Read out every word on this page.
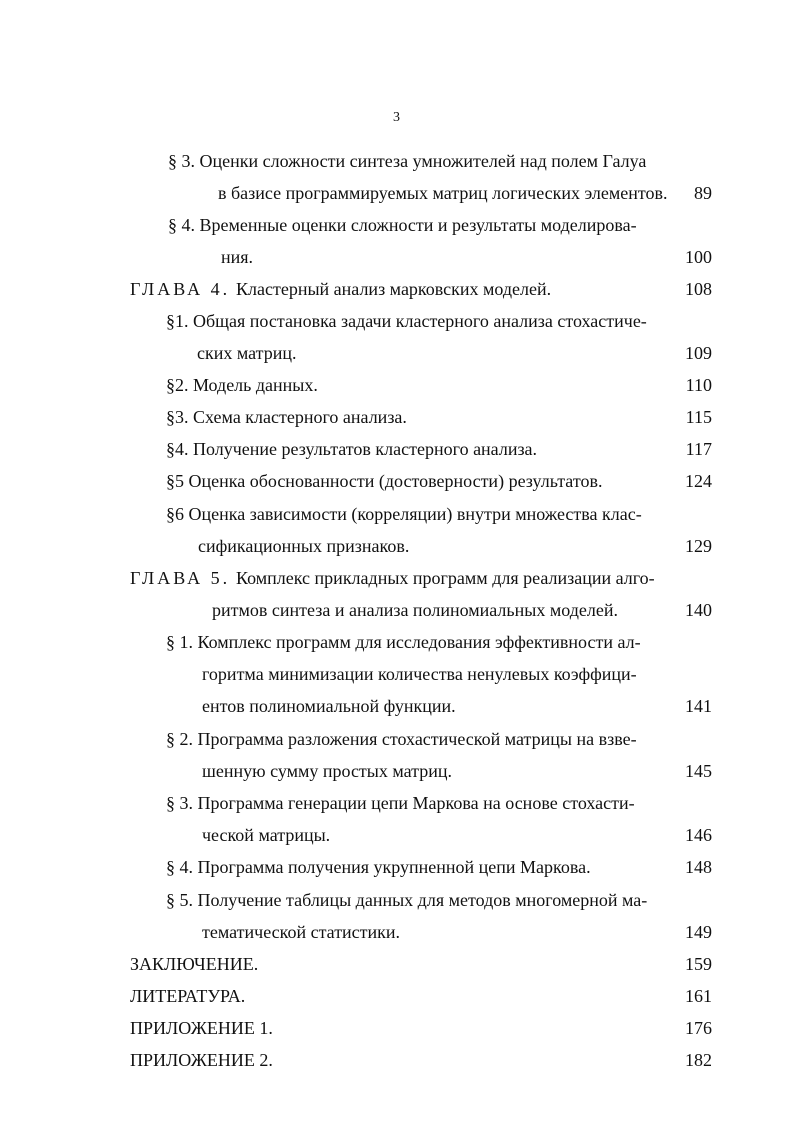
3
§ 3. Оценки сложности синтеза умножителей над полем Галуа
в базисе программируемых матриц логических элементов.	89
§ 4. Временные оценки сложности и результаты моделирова-
ния.	100
ГЛАВА 4. Кластерный анализ марковских моделей.	108
§1. Общая постановка задачи кластерного анализа стохастиче-
ских матриц.	109
§2. Модель данных.	110
§3. Схема кластерного анализа.	115
§4. Получение результатов кластерного анализа.	117
§5 Оценка обоснованности (достоверности) результатов.	124
§6 Оценка зависимости (корреляции) внутри множества клас-
сификационных признаков.	129
ГЛАВА 5. Комплекс прикладных программ для реализации алго-
ритмов синтеза и анализа полиномиальных моделей.	140
§ 1. Комплекс программ для исследования эффективности ал-
горитма минимизации количества ненулевых коэффици-
ентов полиномиальной функции.	141
§ 2. Программа разложения стохастической матрицы на взве-
шенную сумму простых матриц.	145
§ 3. Программа генерации цепи Маркова на основе стохасти-
ческой матрицы.	146
§ 4. Программа получения укрупненной цепи Маркова.	148
§ 5. Получение таблицы данных для методов многомерной ма-
тематической статистики.	149
ЗАКЛЮЧЕНИЕ.	159
ЛИТЕРАТУРА.	161
ПРИЛОЖЕНИЕ 1.	176
ПРИЛОЖЕНИЕ 2.	182
